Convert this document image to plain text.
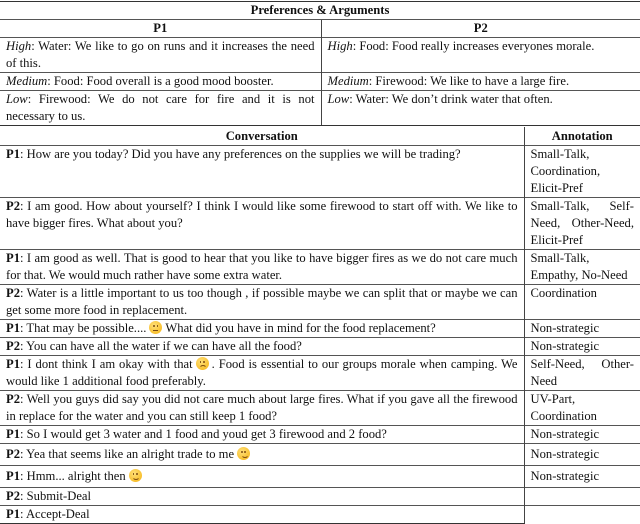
Preferences & Arguments	
P1	P2
High: Water: We like to go on runs and it increases the need of this.	High: Food: Food really increases everyones morale.
Medium: Food: Food overall is a good mood booster.	Medium: Firewood: We like to have a large fire.
Low: Firewood: We do not care for fire and it is not necessary to us.	Low: Water: We don’t drink water that often.
Conversation	Annotation
P1: How are you today? Did you have any preferences on the supplies we will be trading?	Small-Talk, Coordination, Elicit-Pref
P2: I am good. How about yourself? I think I would like some firewood to start off with. We like to have bigger fires. What about you?	Small-Talk, Self-Need, Other-Need, Elicit-Pref
P1: I am good as well. That is good to hear that you like to have bigger fires as we do not care much for that. We would much rather have some extra water.	Small-Talk, Empathy, No-Need
P2: Water is a little important to us too though , if possible maybe we can split that or maybe we can get some more food in replacement.	Coordination
P1: That may be possible.... What did you have in mind for the food replacement?	Non-strategic
P2: You can have all the water if we can have all the food?	Non-strategic
P1: I dont think I am okay with that . Food is essential to our groups morale when camping. We would like 1 additional food preferably.	Self-Need, Other-Need
P2: Well you guys did say you did not care much about large fires. What if you gave all the firewood in replace for the water and you can still keep 1 food?	UV-Part, Coordination
P1: So I would get 3 water and 1 food and youd get 3 firewood and 2 food?	Non-strategic
P2: Yea that seems like an alright trade to me	Non-strategic
P1: Hmm... alright then	Non-strategic
P2: Submit-Deal	
P1: Accept-Deal	
